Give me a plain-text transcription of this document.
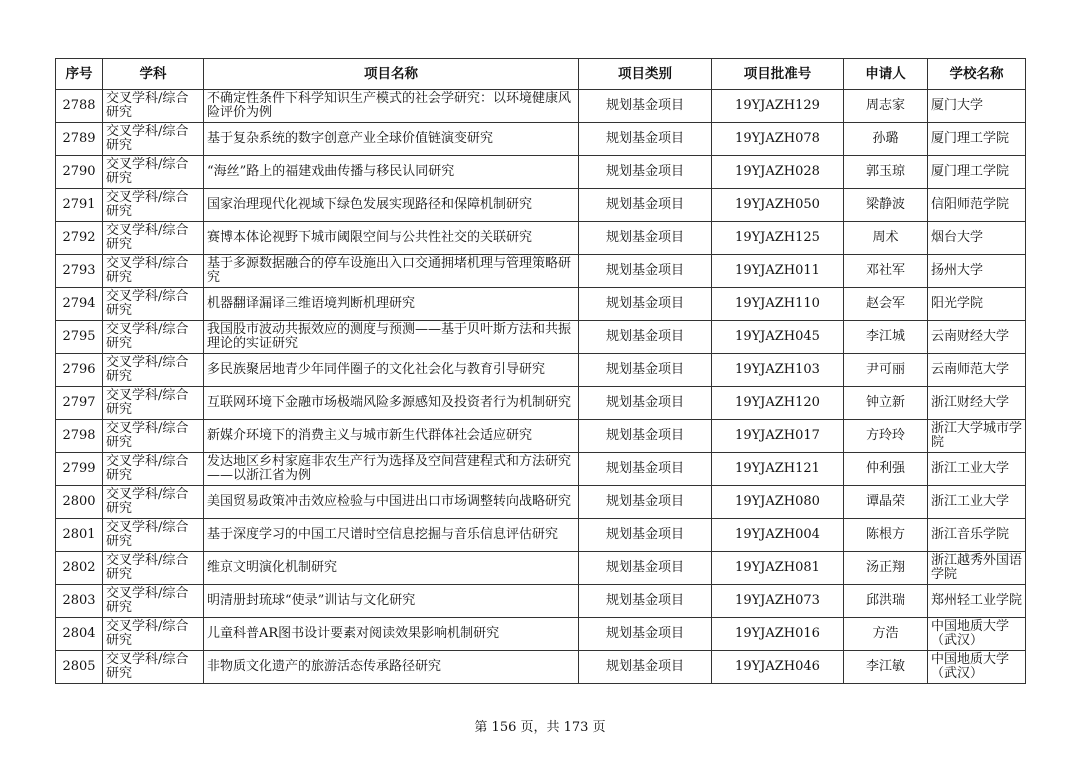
序号	学科	项目名称	项目类别	项目批准号	申请人	学校名称
2788	交叉学科/综合研究	不确定性条件下科学知识生产模式的社会学研究：以环境健康风险评价为例	规划基金项目	19YJAZH129	周志家	厦门大学
2789	交叉学科/综合研究	基于复杂系统的数字创意产业全球价值链演变研究	规划基金项目	19YJAZH078	孙璐	厦门理工学院
2790	交叉学科/综合研究	“海丝”路上的福建戏曲传播与移民认同研究	规划基金项目	19YJAZH028	郭玉琼	厦门理工学院
2791	交叉学科/综合研究	国家治理现代化视域下绿色发展实现路径和保障机制研究	规划基金项目	19YJAZH050	梁静波	信阳师范学院
2792	交叉学科/综合研究	赛博本体论视野下城市阈限空间与公共性社交的关联研究	规划基金项目	19YJAZH125	周术	烟台大学
2793	交叉学科/综合研究	基于多源数据融合的停车设施出入口交通拥堵机理与管理策略研究	规划基金项目	19YJAZH011	邓社军	扬州大学
2794	交叉学科/综合研究	机器翻译漏译三维语境判断机理研究	规划基金项目	19YJAZH110	赵会军	阳光学院
2795	交叉学科/综合研究	我国股市波动共振效应的测度与预测——基于贝叶斯方法和共振理论的实证研究	规划基金项目	19YJAZH045	李江城	云南财经大学
2796	交叉学科/综合研究	多民族聚居地青少年同伴圈子的文化社会化与教育引导研究	规划基金项目	19YJAZH103	尹可丽	云南师范大学
2797	交叉学科/综合研究	互联网环境下金融市场极端风险多源感知及投资者行为机制研究	规划基金项目	19YJAZH120	钟立新	浙江财经大学
2798	交叉学科/综合研究	新媒介环境下的消费主义与城市新生代群体社会适应研究	规划基金项目	19YJAZH017	方玲玲	浙江大学城市学院
2799	交叉学科/综合研究	发达地区乡村家庭非农生产行为选择及空间营建程式和方法研究——以浙江省为例	规划基金项目	19YJAZH121	仲利强	浙江工业大学
2800	交叉学科/综合研究	美国贸易政策冲击效应检验与中国进出口市场调整转向战略研究	规划基金项目	19YJAZH080	谭晶荣	浙江工业大学
2801	交叉学科/综合研究	基于深度学习的中国工尺谱时空信息挖掘与音乐信息评估研究	规划基金项目	19YJAZH004	陈根方	浙江音乐学院
2802	交叉学科/综合研究	维京文明演化机制研究	规划基金项目	19YJAZH081	汤正翔	浙江越秀外国语学院
2803	交叉学科/综合研究	明清册封琉球“使录”训诂与文化研究	规划基金项目	19YJAZH073	邱洪瑞	郑州轻工业学院
2804	交叉学科/综合研究	儿童科普AR图书设计要素对阅读效果影响机制研究	规划基金项目	19YJAZH016	方浩	中国地质大学（武汉）
2805	交叉学科/综合研究	非物质文化遗产的旅游活态传承路径研究	规划基金项目	19YJAZH046	李江敏	中国地质大学（武汉）
第 156 页，共 173 页
